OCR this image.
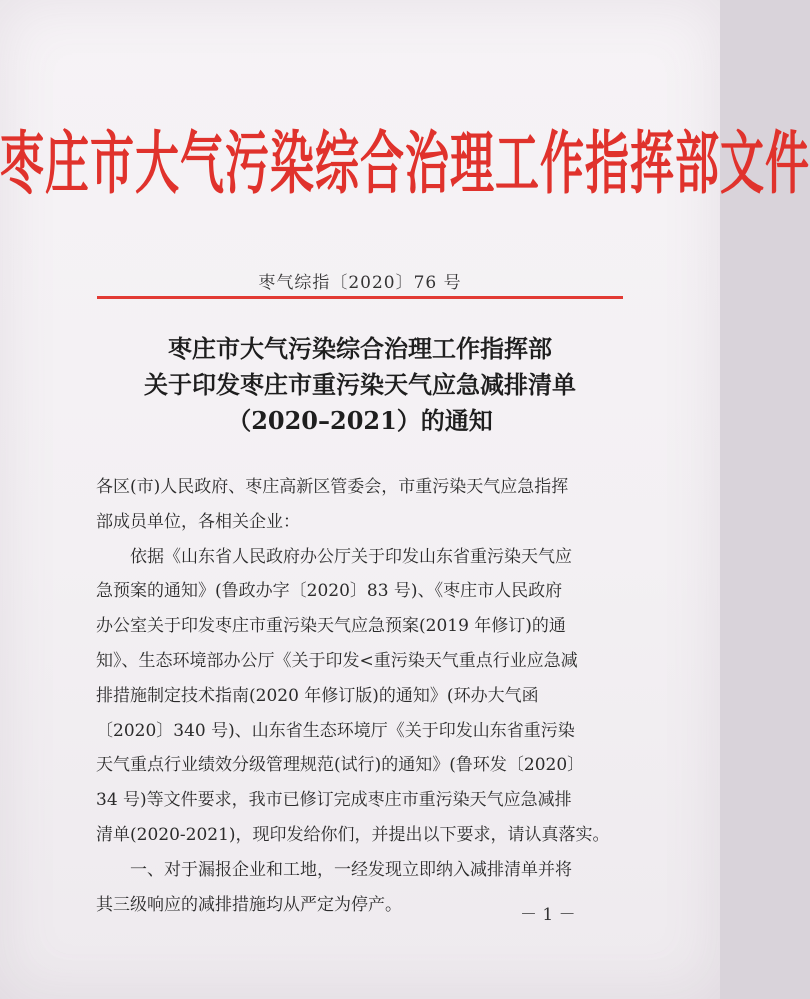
枣庄市大气污染综合治理工作指挥部文件
枣气综指〔2020〕76 号
枣庄市大气污染综合治理工作指挥部
关于印发枣庄市重污染天气应急减排清单
（2020–2021）的通知
各区(市)人民政府、枣庄高新区管委会，市重污染天气应急指挥
部成员单位，各相关企业：
　　依据《山东省人民政府办公厅关于印发山东省重污染天气应
急预案的通知》(鲁政办字〔2020〕83 号)、《枣庄市人民政府
办公室关于印发枣庄市重污染天气应急预案(2019 年修订)的通
知》、生态环境部办公厅《关于印发<重污染天气重点行业应急减
排措施制定技术指南(2020 年修订版)的通知》(环办大气函
〔2020〕340 号)、山东省生态环境厅《关于印发山东省重污染
天气重点行业绩效分级管理规范(试行)的通知》(鲁环发〔2020〕
34 号)等文件要求，我市已修订完成枣庄市重污染天气应急减排
清单(2020-2021)，现印发给你们，并提出以下要求，请认真落实。
　　一、对于漏报企业和工地，一经发现立即纳入减排清单并将
其三级响应的减排措施均从严定为停产。
－ 1 －
